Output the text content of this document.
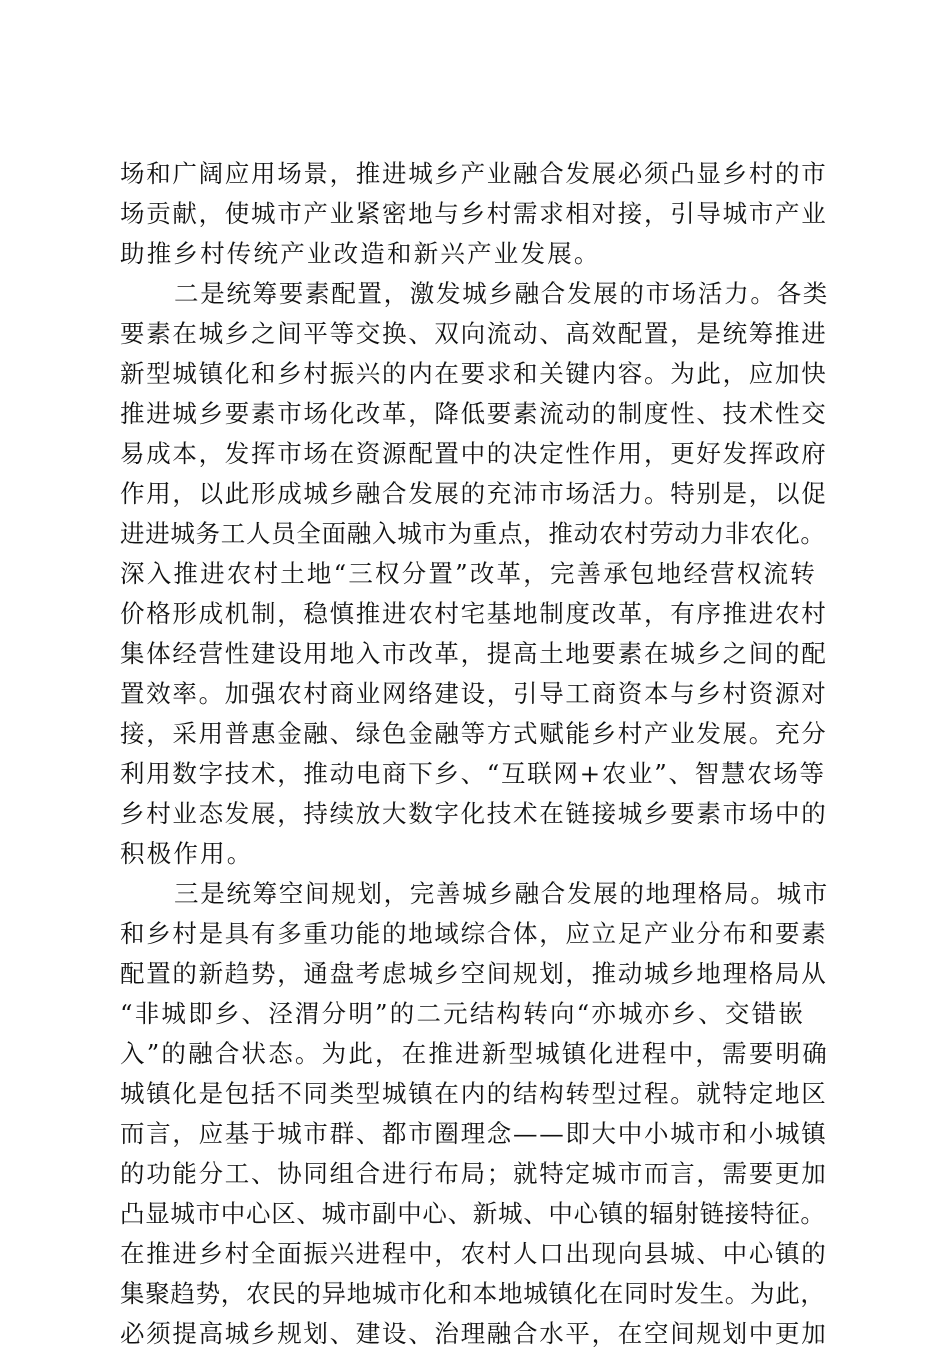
场和广阔应用场景，推进城乡产业融合发展必须凸显乡村的市
场贡献，使城市产业紧密地与乡村需求相对接，引导城市产业
助推乡村传统产业改造和新兴产业发展。
二是统筹要素配置，激发城乡融合发展的市场活力。各类
要素在城乡之间平等交换、双向流动、高效配置，是统筹推进
新型城镇化和乡村振兴的内在要求和关键内容。为此，应加快
推进城乡要素市场化改革，降低要素流动的制度性、技术性交
易成本，发挥市场在资源配置中的决定性作用，更好发挥政府
作用，以此形成城乡融合发展的充沛市场活力。特别是，以促
进进城务工人员全面融入城市为重点，推动农村劳动力非农化。
深入推进农村土地“三权分置”改革，完善承包地经营权流转
价格形成机制，稳慎推进农村宅基地制度改革，有序推进农村
集体经营性建设用地入市改革，提高土地要素在城乡之间的配
置效率。加强农村商业网络建设，引导工商资本与乡村资源对
接，采用普惠金融、绿色金融等方式赋能乡村产业发展。充分
利用数字技术，推动电商下乡、“互联网+农业”、智慧农场等
乡村业态发展，持续放大数字化技术在链接城乡要素市场中的
积极作用。
三是统筹空间规划，完善城乡融合发展的地理格局。城市
和乡村是具有多重功能的地域综合体，应立足产业分布和要素
配置的新趋势，通盘考虑城乡空间规划，推动城乡地理格局从
“非城即乡、泾渭分明”的二元结构转向“亦城亦乡、交错嵌
入”的融合状态。为此，在推进新型城镇化进程中，需要明确
城镇化是包括不同类型城镇在内的结构转型过程。就特定地区
而言，应基于城市群、都市圈理念——即大中小城市和小城镇
的功能分工、协同组合进行布局；就特定城市而言，需要更加
凸显城市中心区、城市副中心、新城、中心镇的辐射链接特征。
在推进乡村全面振兴进程中，农村人口出现向县城、中心镇的
集聚趋势，农民的异地城市化和本地城镇化在同时发生。为此，
必须提高城乡规划、建设、治理融合水平，在空间规划中更加
